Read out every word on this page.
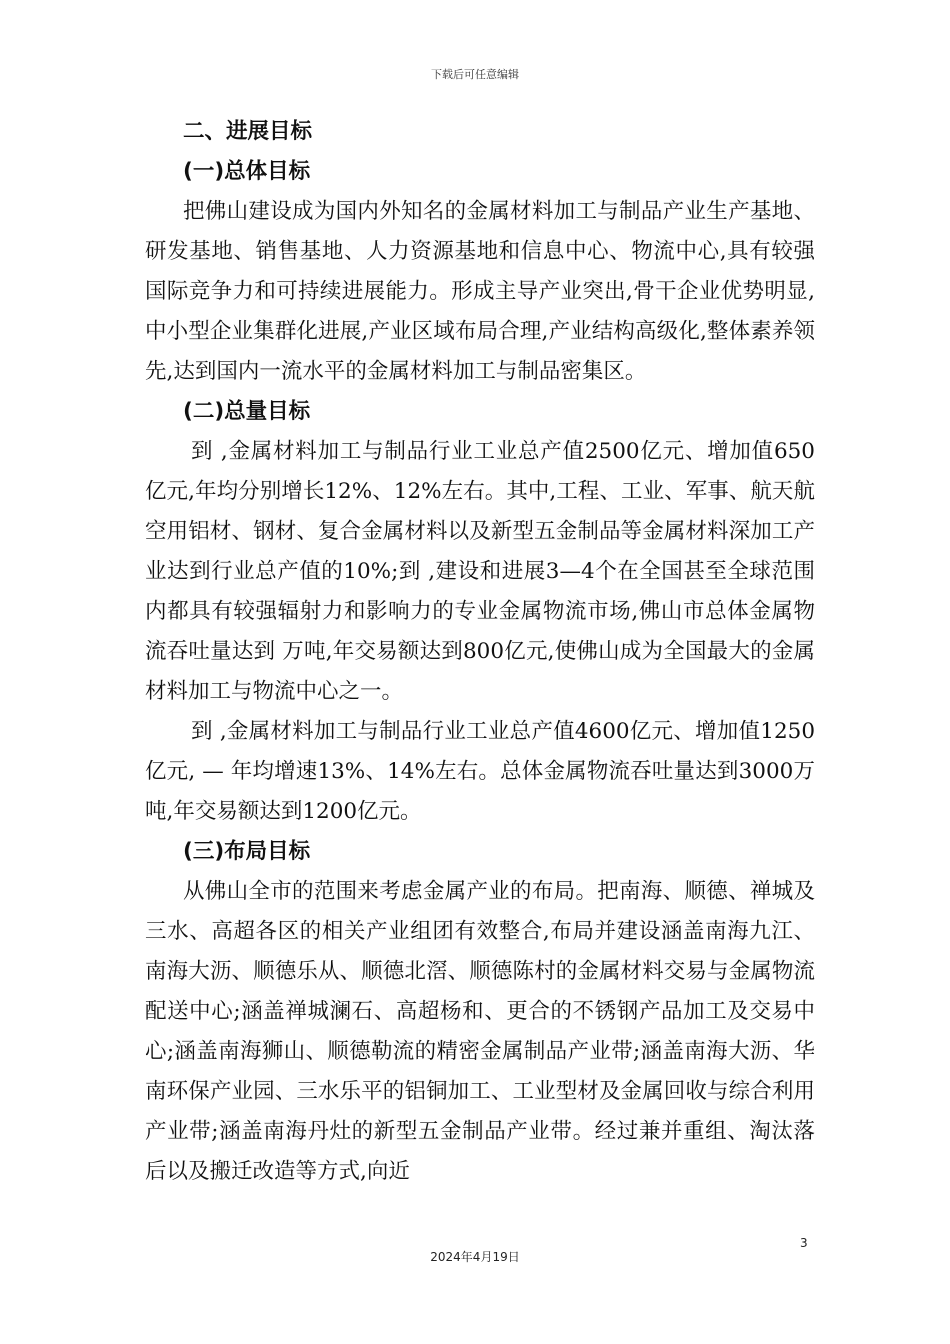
下载后可任意编辑
二、进展目标
(一)总体目标

把佛山建设成为国内外知名的金属材料加工与制品产业生产基地、研发基地、销售基地、人力资源基地和信息中心、物流中心,具有较强国际竞争力和可持续进展能力。形成主导产业突出,骨干企业优势明显,中小型企业集群化进展,产业区域布局合理,产业结构高级化,整体素养领先,达到国内一流水平的金属材料加工与制品密集区。

(二)总量目标

到 ,金属材料加工与制品行业工业总产值2500亿元、增加值650亿元,年均分别增长12%、12%左右。其中,工程、工业、军事、航天航空用铝材、钢材、复合金属材料以及新型五金制品等金属材料深加工产业达到行业总产值的10%;到 ,建设和进展3—4个在全国甚至全球范围内都具有较强辐射力和影响力的专业金属物流市场,佛山市总体金属物流吞吐量达到 万吨,年交易额达到800亿元,使佛山成为全国最大的金属材料加工与物流中心之一。

到 ,金属材料加工与制品行业工业总产值4600亿元、增加值1250亿元, — 年均增速13%、14%左右。总体金属物流吞吐量达到3000万吨,年交易额达到1200亿元。

(三)布局目标

从佛山全市的范围来考虑金属产业的布局。把南海、顺德、禅城及三水、高超各区的相关产业组团有效整合,布局并建设涵盖南海九江、南海大沥、顺德乐从、顺德北滘、顺德陈村的金属材料交易与金属物流配送中心;涵盖禅城澜石、高超杨和、更合的不锈钢产品加工及交易中心;涵盖南海狮山、顺德勒流的精密金属制品产业带;涵盖南海大沥、华南环保产业园、三水乐平的铝铜加工、工业型材及金属回收与综合利用产业带;涵盖南海丹灶的新型五金制品产业带。经过兼并重组、淘汰落后以及搬迁改造等方式,向近

3
2024年4月19日
